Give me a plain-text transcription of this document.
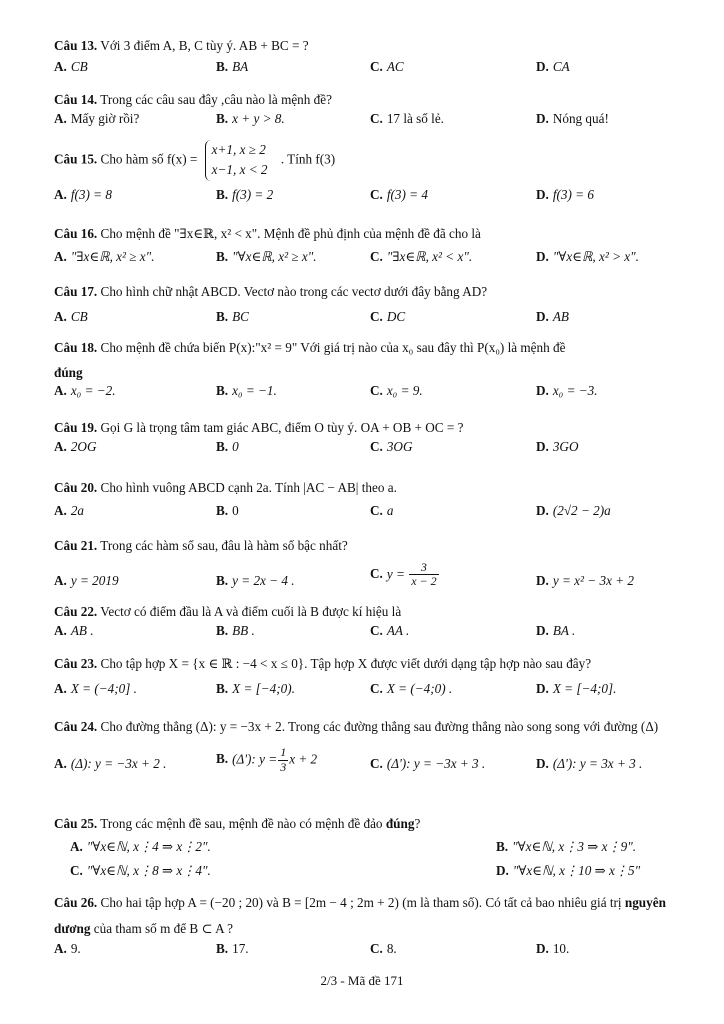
Câu 13. Với 3 điểm A, B, C tùy ý. AB + BC = ?
A. CB	B. BA	C. AC	D. CA
Câu 14. Trong các câu sau đây ,câu nào là mệnh đề?
A. Mấy giờ rồi?	B. x + y > 8.	C. 17 là số lẻ.	D. Nóng quá!
Câu 15. Cho hàm số f(x) =
x+1, x ≥ 2
x−1, x < 2
. Tính f(3)
A. f(3) = 8	B. f(3) = 2	C. f(3) = 4	D. f(3) = 6
Câu 16. Cho mệnh đề "∃x∈ℝ, x² < x". Mệnh đề phủ định của mệnh đề đã cho là
A. "∃x∈ℝ, x² ≥ x".	B. "∀x∈ℝ, x² ≥ x".	C. "∃x∈ℝ, x² < x".	D. "∀x∈ℝ, x² > x".
Câu 17. Cho hình chữ nhật ABCD. Vectơ nào trong các vectơ dưới đây bằng AD?
A. CB	B. BC	C. DC	D. AB
Câu 18. Cho mệnh đề chứa biến P(x):"x² = 9" Với giá trị nào của x₀ sau đây thì P(x₀) là mệnh đề
đúng
A. x₀ = −2.	B. x₀ = −1.	C. x₀ = 9.	D. x₀ = −3.
Câu 19. Gọi G là trọng tâm tam giác ABC, điểm O tùy ý. OA + OB + OC = ?
A. 2OG	B. 0	C. 3OG	D. 3GO
Câu 20. Cho hình vuông ABCD cạnh 2a. Tính |AC − AB| theo a.
A. 2a	B. 0	C. a	D. (2√2 − 2)a
Câu 21. Trong các hàm số sau, đâu là hàm số bậc nhất?
A. y = 2019	B. y = 2x − 4 .	C. $y = \frac{3}{x - 2}$	D. y = x² − 3x + 2
Câu 22. Vectơ có điểm đầu là A và điểm cuối là B được kí hiệu là
A. AB .	B. BB .	C. AA .	D. BA .
Câu 23. Cho tập hợp X = {x ∈ ℝ : −4 < x ≤ 0}. Tập hợp X được viết dưới dạng tập hợp nào sau đây?
A. X = (−4;0] .	B. X = [−4;0).	C. X = (−4;0) .	D. X = [−4;0].
Câu 24. Cho đường thẳng (Δ): y = −3x + 2. Trong các đường thẳng sau đường thẳng nào song song với đường (Δ)
A. (Δ): y = −3x + 2 .	B. (Δ'): $y = \frac{1}{3}$ x + 2	C. (Δ'): y = −3x + 3 .	D. (Δ'): y = 3x + 3 .
Câu 25. Trong các mệnh đề sau, mệnh đề nào có mệnh đề đảo đúng?
A. "∀x∈ℕ, x⋮4 ⇒ x⋮2".	B. "∀x∈ℕ, x⋮3 ⇒ x⋮9".
C. "∀x∈ℕ, x⋮8 ⇒ x⋮4".	D. "∀x∈ℕ, x⋮10 ⇒ x⋮5"
Câu 26. Cho hai tập hợp A = (−20 ; 20) và B = [2m − 4 ; 2m + 2) (m là tham số). Có tất cả bao nhiêu giá trị nguyên dương của tham số m để B ⊂ A ?
A. 9.	B. 17.	C. 8.	D. 10.
2/3 - Mã đề 171
